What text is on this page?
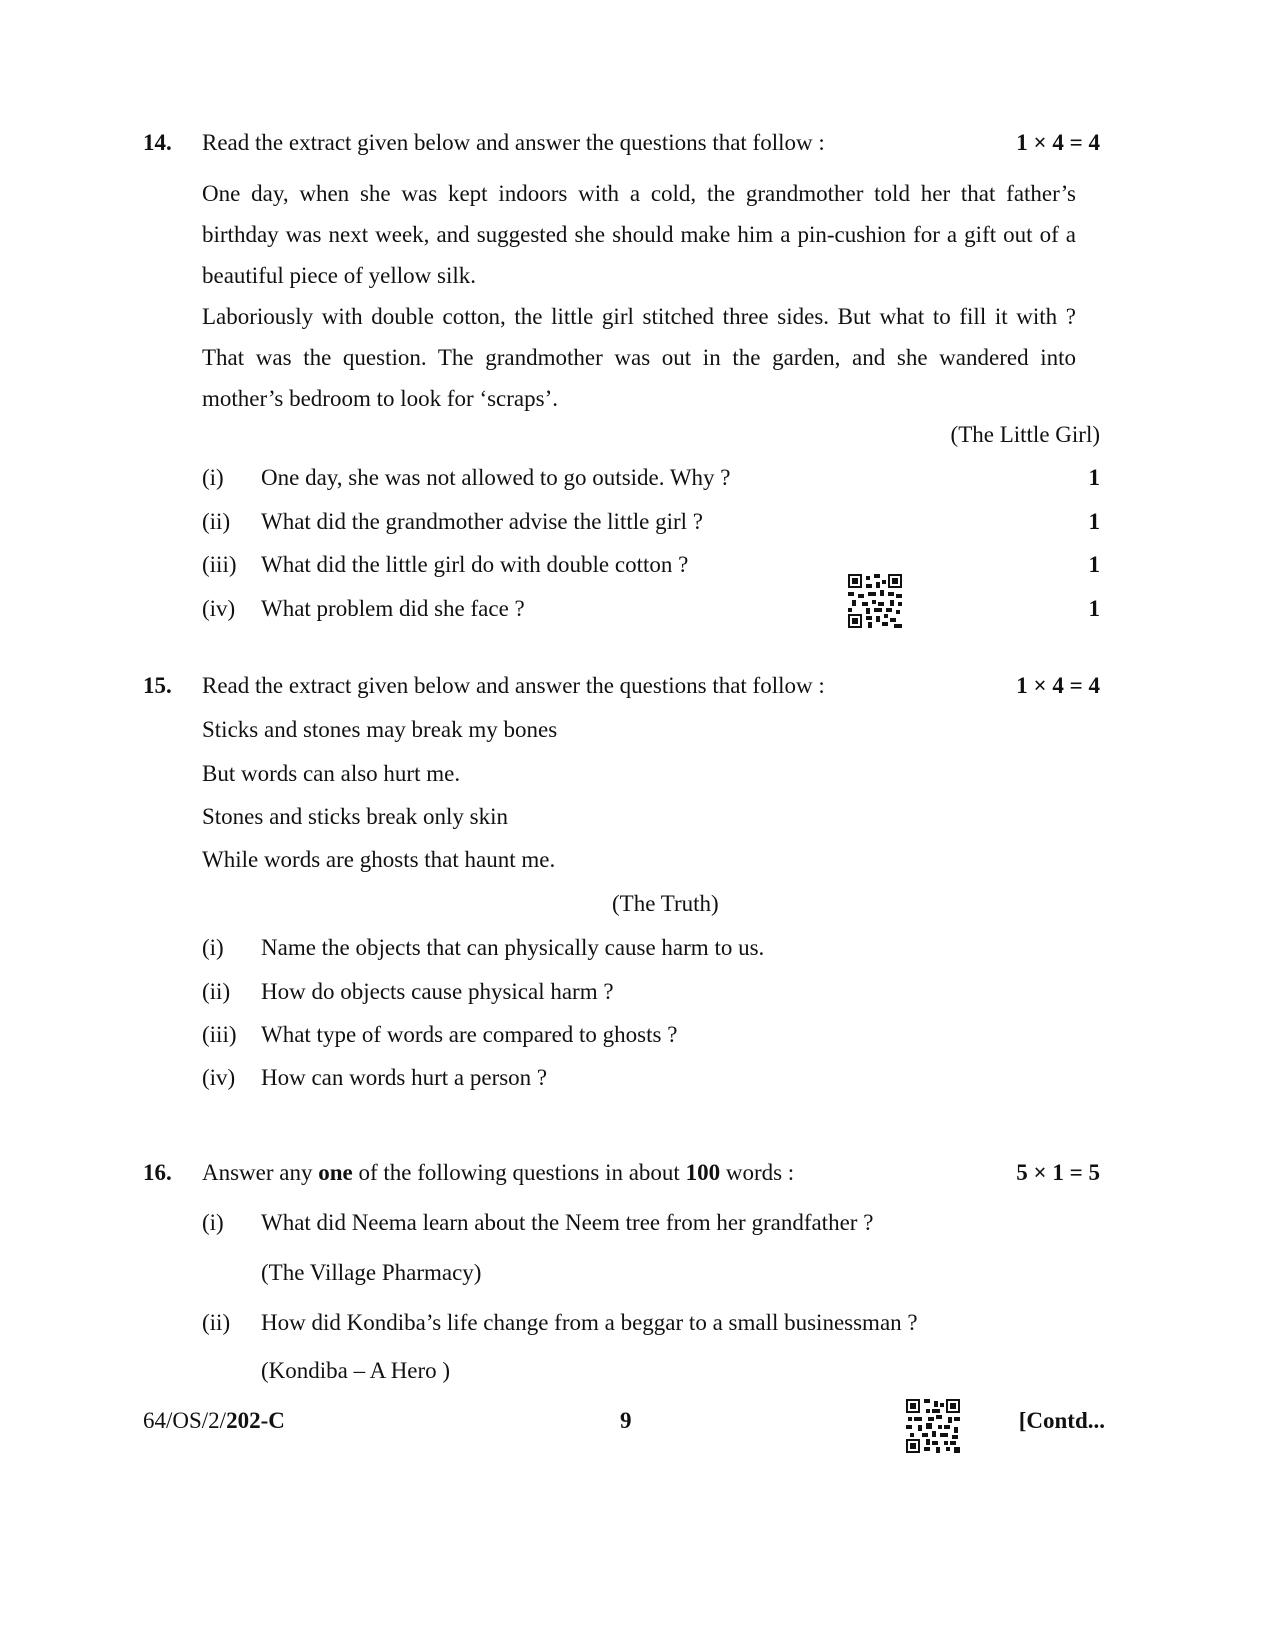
14. Read the extract given below and answer the questions that follow :	1 × 4 = 4
One day, when she was kept indoors with a cold, the grandmother told her that father’s birthday was next week, and suggested she should make him a pin-cushion for a gift out of a beautiful piece of yellow silk.
Laboriously with double cotton, the little girl stitched three sides. But what to fill it with ? That was the question. The grandmother was out in the garden, and she wandered into mother’s bedroom to look for ‘scraps’.
(The Little Girl)
(i) One day, she was not allowed to go outside. Why ?	1
(ii) What did the grandmother advise the little girl ?	1
(iii) What did the little girl do with double cotton ?	1
(iv) What problem did she face ?	1
15. Read the extract given below and answer the questions that follow :	1 × 4 = 4
Sticks and stones may break my bones
But words can also hurt me.
Stones and sticks break only skin
While words are ghosts that haunt me.
(The Truth)
(i) Name the objects that can physically cause harm to us.
(ii) How do objects cause physical harm ?
(iii) What type of words are compared to ghosts ?
(iv) How can words hurt a person ?
16. Answer any one of the following questions in about 100 words :	5 × 1 = 5
(i) What did Neema learn about the Neem tree from her grandfather ?
(The Village Pharmacy)
(ii) How did Kondiba’s life change from a beggar to a small businessman ?
(Kondiba – A Hero )
64/OS/2/202-C	9	[Contd...
